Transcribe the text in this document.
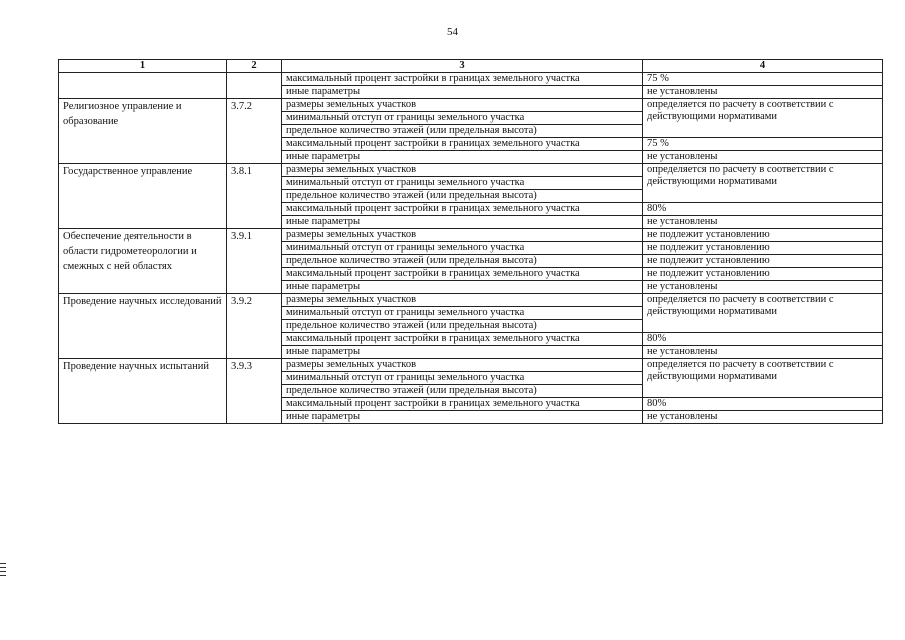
54
1	2	3	4
		максимальный процент застройки в границах земельного участка	75 %
		иные параметры	не установлены
Религиозное управление и образование	3.7.2	размеры земельных участков	определяется по расчету в соответствии с действующими нормативами
		минимальный отступ от границы земельного участка	
		предельное количество этажей (или предельная высота)	
		максимальный процент застройки в границах земельного участка	75 %
		иные параметры	не установлены
Государственное управление	3.8.1	размеры земельных участков	определяется по расчету в соответствии с действующими нормативами
		минимальный отступ от границы земельного участка	
		предельное количество этажей (или предельная высота)	
		максимальный процент застройки в границах земельного участка	80%
		иные параметры	не установлены
Обеспечение деятельности в области гидрометеорологии и смежных с ней областях	3.9.1	размеры земельных участков	не подлежит установлению
		минимальный отступ от границы земельного участка	не подлежит установлению
		предельное количество этажей (или предельная высота)	не подлежит установлению
		максимальный процент застройки в границах земельного участка	не подлежит установлению
		иные параметры	не установлены
Проведение научных исследований	3.9.2	размеры земельных участков	определяется по расчету в соответствии с действующими нормативами
		минимальный отступ от границы земельного участка	
		предельное количество этажей (или предельная высота)	
		максимальный процент застройки в границах земельного участка	80%
		иные параметры	не установлены
Проведение научных испытаний	3.9.3	размеры земельных участков	определяется по расчету в соответствии с действующими нормативами
		минимальный отступ от границы земельного участка	
		предельное количество этажей (или предельная высота)	
		максимальный процент застройки в границах земельного участка	80%
		иные параметры	не установлены
